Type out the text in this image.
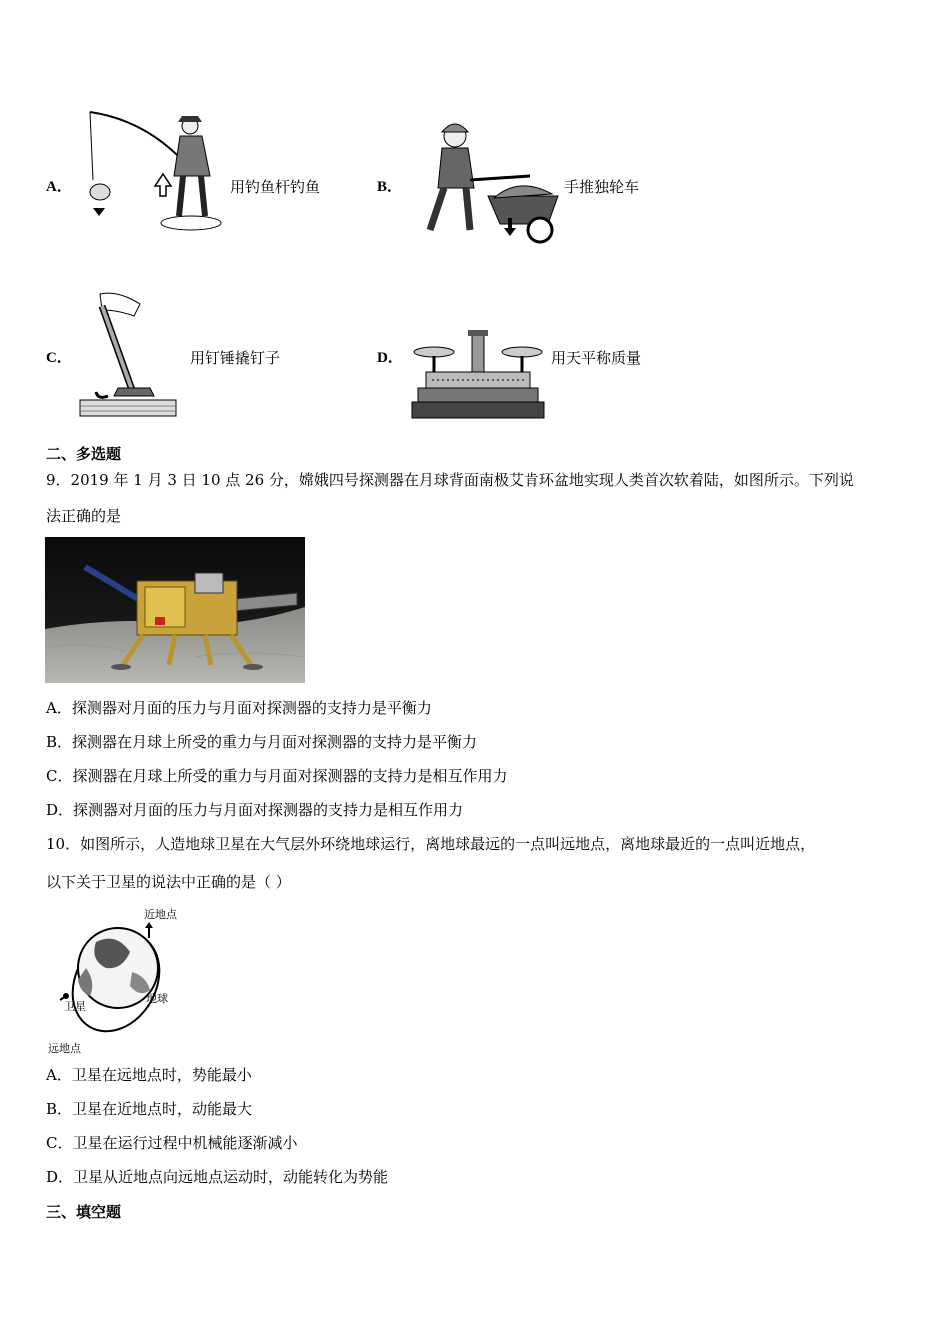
A．	用钓鱼杆钓鱼	B．	手推独轮车
C．	用钉锤撬钉子	D．	用天平称质量
二、多选题
9．2019 年 1 月 3 日 10 点 26 分，嫦娥四号探测器在月球背面南极艾肯环盆地实现人类首次软着陆，如图所示。下列说
法正确的是
A．探测器对月面的压力与月面对探测器的支持力是平衡力
B．探测器在月球上所受的重力与月面对探测器的支持力是平衡力
C．探测器在月球上所受的重力与月面对探测器的支持力是相互作用力
D．探测器对月面的压力与月面对探测器的支持力是相互作用力
10．如图所示，人造地球卫星在大气层外环绕地球运行，离地球最远的一点叫远地点，离地球最近的一点叫近地点，
以下关于卫星的说法中正确的是（ ）
近地点
卫星
地球
远地点
A．卫星在远地点时，势能最小
B．卫星在近地点时，动能最大
C．卫星在运行过程中机械能逐渐减小
D．卫星从近地点向远地点运动时，动能转化为势能
三、填空题
